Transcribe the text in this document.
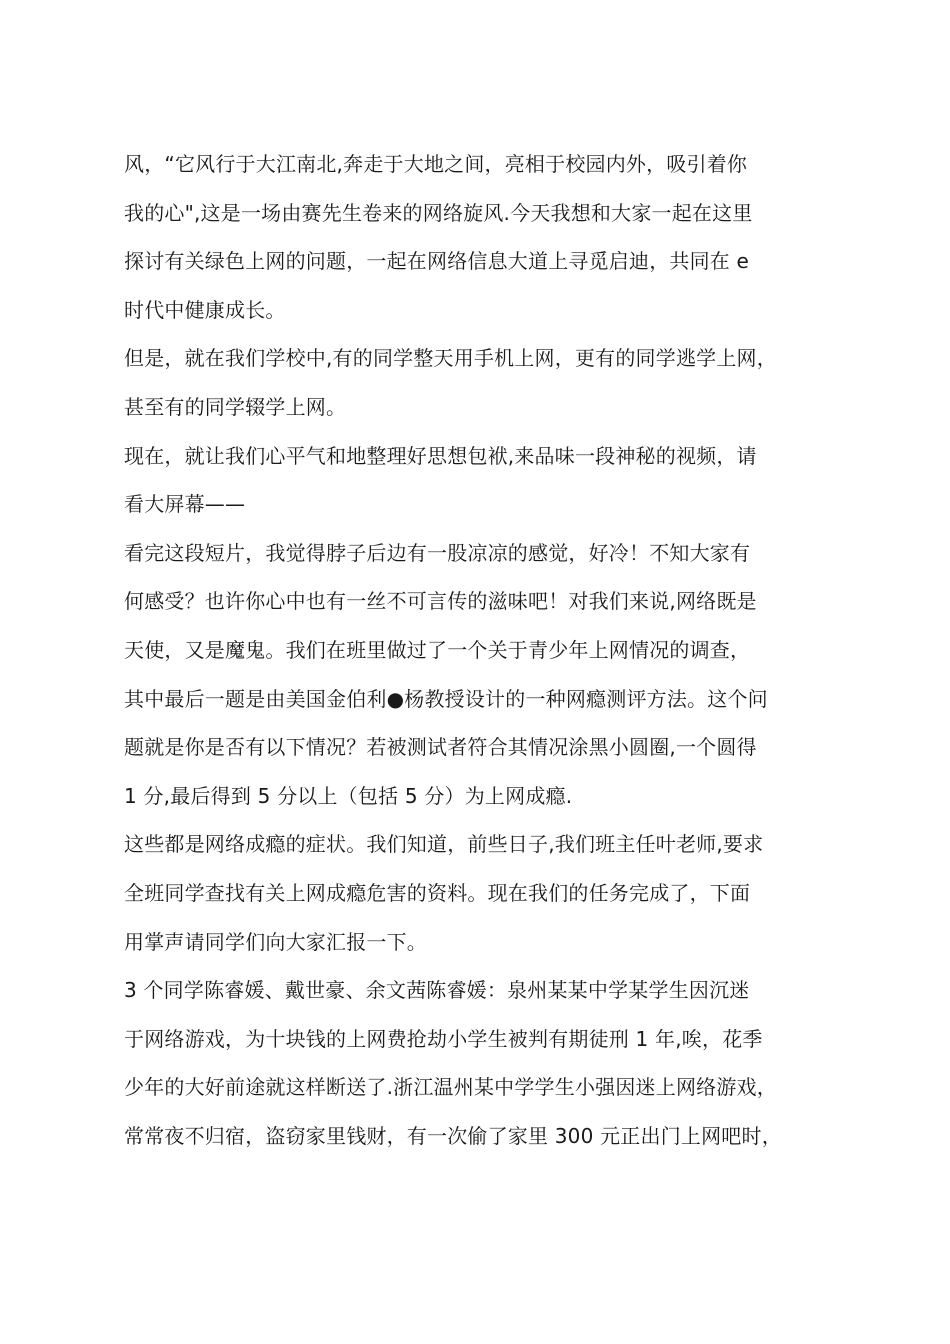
风，“它风行于大江南北,奔走于大地之间，亮相于校园内外，吸引着你
我的心",这是一场由赛先生卷来的网络旋风.今天我想和大家一起在这里
探讨有关绿色上网的问题，一起在网络信息大道上寻觅启迪，共同在 e
时代中健康成长。
但是，就在我们学校中,有的同学整天用手机上网，更有的同学逃学上网，
甚至有的同学辍学上网。
现在，就让我们心平气和地整理好思想包袱,来品味一段神秘的视频，请
看大屏幕——
看完这段短片，我觉得脖子后边有一股凉凉的感觉，好冷！不知大家有
何感受？也许你心中也有一丝不可言传的滋味吧！对我们来说,网络既是
天使，又是魔鬼。我们在班里做过了一个关于青少年上网情况的调查，
其中最后一题是由美国金伯利●杨教授设计的一种网瘾测评方法。这个问
题就是你是否有以下情况？若被测试者符合其情况涂黑小圆圈,一个圆得
1 分,最后得到 5 分以上（包括 5 分）为上网成瘾.
这些都是网络成瘾的症状。我们知道，前些日子,我们班主任叶老师,要求
全班同学查找有关上网成瘾危害的资料。现在我们的任务完成了，下面
用掌声请同学们向大家汇报一下。
3 个同学陈睿媛、戴世豪、余文茜陈睿媛：泉州某某中学某学生因沉迷
于网络游戏，为十块钱的上网费抢劫小学生被判有期徒刑 1 年,唉，花季
少年的大好前途就这样断送了.浙江温州某中学学生小强因迷上网络游戏，
常常夜不归宿，盗窃家里钱财，有一次偷了家里 300 元正出门上网吧时，
